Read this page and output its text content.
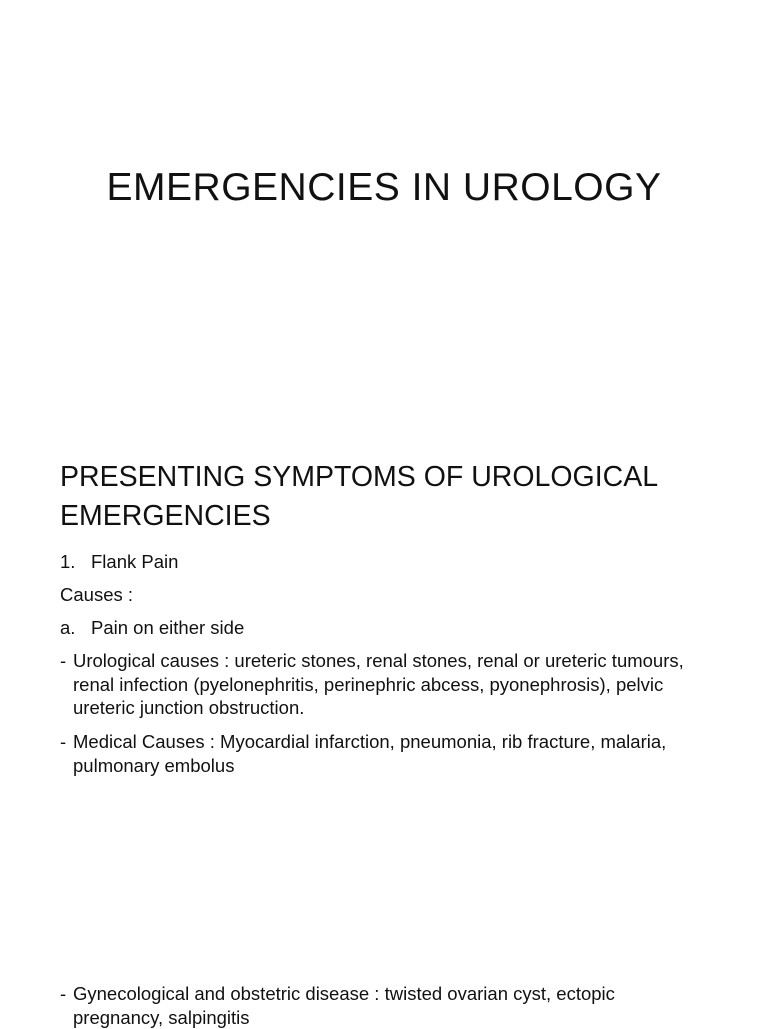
EMERGENCIES IN UROLOGY
PRESENTING SYMPTOMS OF UROLOGICAL EMERGENCIES
1. Flank Pain
Causes :
a. Pain on either side
- Urological causes : ureteric stones, renal stones, renal or ureteric tumours, renal infection (pyelonephritis, perinephric abcess, pyonephrosis), pelvic ureteric junction obstruction.
- Medical Causes : Myocardial infarction, pneumonia, rib fracture, malaria, pulmonary embolus
- Gynecological and obstetric disease : twisted ovarian cyst, ectopic pregnancy, salpingitis
